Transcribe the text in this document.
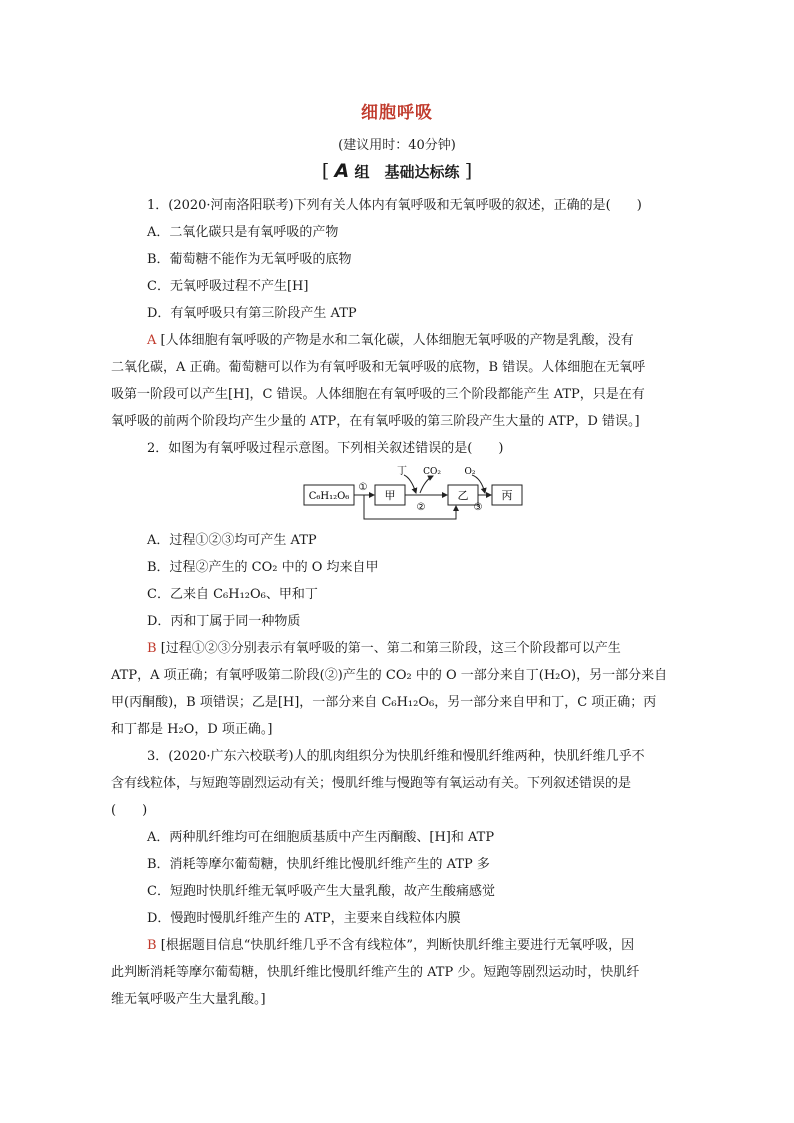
细胞呼吸
(建议用时：40分钟)
[ A 组　基础达标练 ]
1．(2020·河南洛阳联考)下列有关人体内有氧呼吸和无氧呼吸的叙述，正确的是(　　)
A．二氧化碳只是有氧呼吸的产物
B．葡萄糖不能作为无氧呼吸的底物
C．无氧呼吸过程不产生[H]
D．有氧呼吸只有第三阶段产生 ATP
A [人体细胞有氧呼吸的产物是水和二氧化碳，人体细胞无氧呼吸的产物是乳酸，没有
二氧化碳，A 正确。葡萄糖可以作为有氧呼吸和无氧呼吸的底物，B 错误。人体细胞在无氧呼
吸第一阶段可以产生[H]，C 错误。人体细胞在有氧呼吸的三个阶段都能产生 ATP，只是在有
氧呼吸的前两个阶段均产生少量的 ATP，在有氧呼吸的第三阶段产生大量的 ATP，D 错误。]
2．如图为有氧呼吸过程示意图。下列相关叙述错误的是(　　)
C₆H₁₂O₆	甲	乙	丙
①
②
丁 CO₂
③
O₂
A．过程①②③均可产生 ATP
B．过程②产生的 CO₂ 中的 O 均来自甲
C．乙来自 C₆H₁₂O₆、甲和丁
D．丙和丁属于同一种物质
B [过程①②③分别表示有氧呼吸的第一、第二和第三阶段，这三个阶段都可以产生
ATP，A 项正确；有氧呼吸第二阶段(②)产生的 CO₂ 中的 O 一部分来自丁(H₂O)，另一部分来自
甲(丙酮酸)，B 项错误；乙是[H]，一部分来自 C₆H₁₂O₆，另一部分来自甲和丁，C 项正确；丙
和丁都是 H₂O，D 项正确。]
3．(2020·广东六校联考)人的肌肉组织分为快肌纤维和慢肌纤维两种，快肌纤维几乎不
含有线粒体，与短跑等剧烈运动有关；慢肌纤维与慢跑等有氧运动有关。下列叙述错误的是
(　　)
A．两种肌纤维均可在细胞质基质中产生丙酮酸、[H]和 ATP
B．消耗等摩尔葡萄糖，快肌纤维比慢肌纤维产生的 ATP 多
C．短跑时快肌纤维无氧呼吸产生大量乳酸，故产生酸痛感觉
D．慢跑时慢肌纤维产生的 ATP，主要来自线粒体内膜
B [根据题目信息“快肌纤维几乎不含有线粒体”，判断快肌纤维主要进行无氧呼吸，因
此判断消耗等摩尔葡萄糖，快肌纤维比慢肌纤维产生的 ATP 少。短跑等剧烈运动时，快肌纤
维无氧呼吸产生大量乳酸。]
